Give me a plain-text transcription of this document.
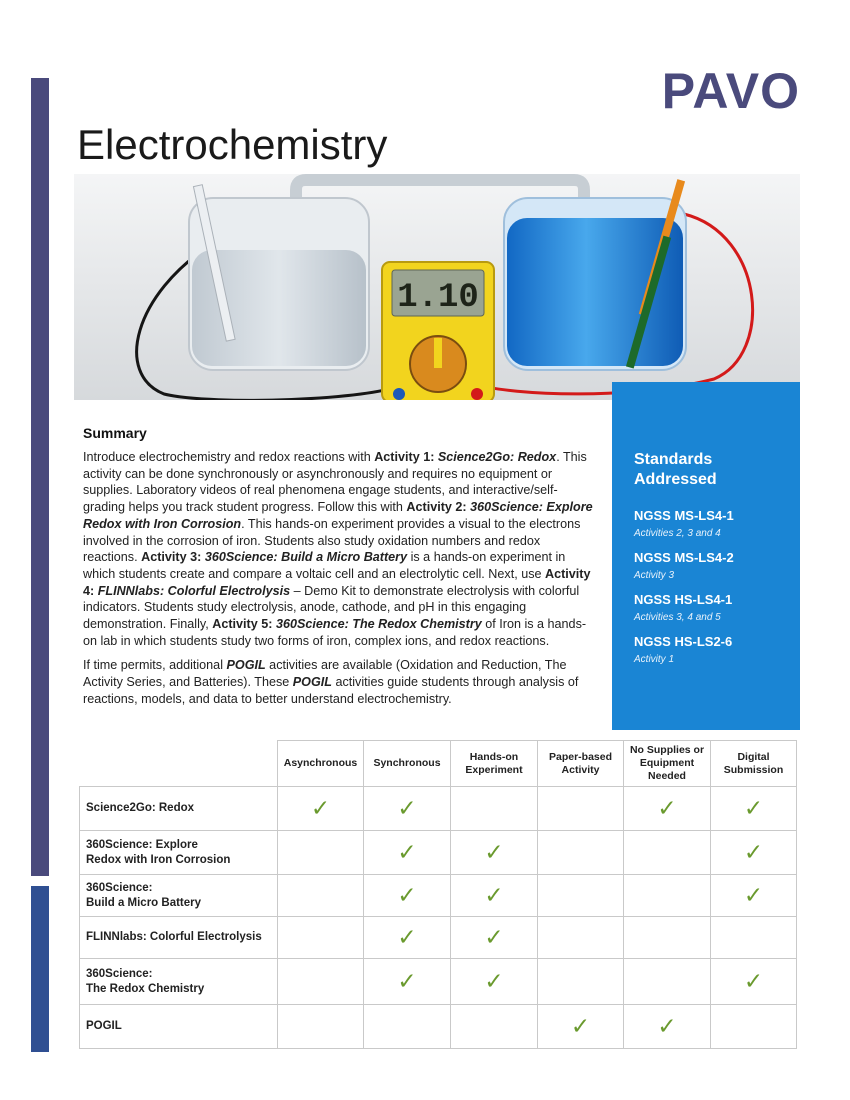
PAVO
Electrochemistry
1.10
Summary

Introduce electrochemistry and redox reactions with Activity 1: Science2Go: Redox. This activity can be done synchronously or asynchronously and requires no equipment or supplies. Laboratory videos of real phenomena engage students, and interactive/self-grading helps you track student progress. Follow this with Activity 2: 360Science: Explore Redox with Iron Corrosion. This hands-on experiment provides a visual to the electrons involved in the corrosion of iron. Students also study oxidation numbers and redox reactions. Activity 3: 360Science: Build a Micro Battery is a hands-on experiment in which students create and compare a voltaic cell and an electrolytic cell. Next, use Activity 4: FLINNlabs: Colorful Electrolysis – Demo Kit to demonstrate electrolysis with colorful indicators. Students study electrolysis, anode, cathode, and pH in this engaging demonstration. Finally, Activity 5: 360Science: The Redox Chemistry of Iron is a hands-on lab in which students study two forms of iron, complex ions, and redox reactions.

If time permits, additional POGIL activities are available (Oxidation and Reduction, The Activity Series, and Batteries). These POGIL activities guide students through analysis of reactions, models, and data to better understand electrochemistry.

Standards Addressed
NGSS MS-LS4-1
Activities 2, 3 and 4
NGSS MS-LS4-2
Activity 3
NGSS HS-LS4-1
Activities 3, 4 and 5
NGSS HS-LS2-6
Activity 1
	Asynchronous	Synchronous	Hands-on Experiment	Paper-based Activity	No Supplies or Equipment Needed	Digital Submission
Science2Go: Redox	✓	✓			✓	✓
360Science: Explore
Redox with Iron Corrosion		✓	✓			✓
360Science:
Build a Micro Battery		✓	✓			✓
FLINNlabs: Colorful Electrolysis		✓	✓			
360Science:
The Redox Chemistry		✓	✓			✓
POGIL				✓	✓	
